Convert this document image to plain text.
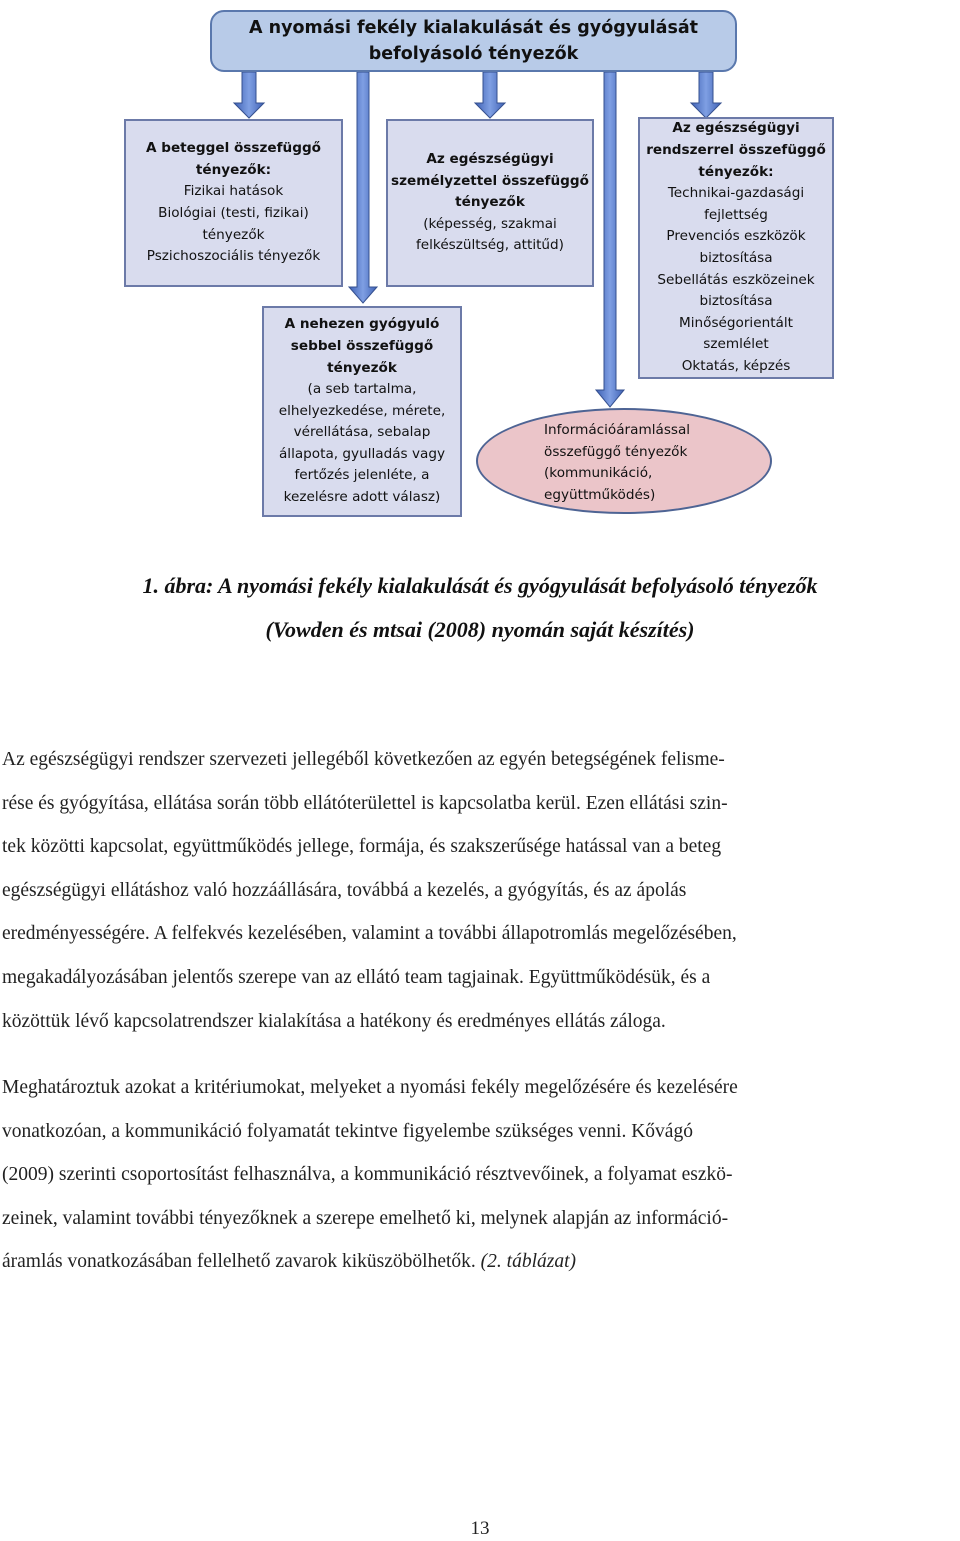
A nyomási fekély kialakulását és gyógyulását
befolyásoló tényezők
A beteggel összefüggő
tényezők:
Fizikai hatások
Biológiai (testi, fizikai)
tényezők
Pszichoszociális tényezők
Az egészségügyi
személyzettel összefüggő
tényezők
(képesség, szakmai
felkészültség, attitűd)
Az egészségügyi
rendszerrel összefüggő
tényezők:
Technikai-gazdasági
fejlettség
Prevenciós eszközök
biztosítása
Sebellátás eszközeinek
biztosítása
Minőségorientált
szemlélet
Oktatás, képzés
A nehezen gyógyuló
sebbel összefüggő
tényezők
(a seb tartalma,
elhelyezkedése, mérete,
vérellátása, sebalap
állapota, gyulladás vagy
fertőzés jelenléte, a
kezelésre adott válasz)
Információáramlással
összefüggő tényezők
(kommunikáció,
együttműködés)
1. ábra: A nyomási fekély kialakulását és gyógyulását befolyásoló tényezők
(Vowden és mtsai (2008) nyomán saját készítés)
Az egészségügyi rendszer szervezeti jellegéből következően az egyén betegségének felisme-
rése és gyógyítása, ellátása során több ellátóterülettel is kapcsolatba kerül. Ezen ellátási szin-
tek közötti kapcsolat, együttműködés jellege, formája, és szakszerűsége hatással van a beteg
egészségügyi ellátáshoz való hozzáállására, továbbá a kezelés, a gyógyítás, és az ápolás
eredményességére. A felfekvés kezelésében, valamint a további állapotromlás megelőzésében,
megakadályozásában jelentős szerepe van az ellátó team tagjainak. Együttműködésük, és a
közöttük lévő kapcsolatrendszer kialakítása a hatékony és eredményes ellátás záloga.
Meghatároztuk azokat a kritériumokat, melyeket a nyomási fekély megelőzésére és kezelésére
vonatkozóan, a kommunikáció folyamatát tekintve figyelembe szükséges venni. Kővágó
(2009) szerinti csoportosítást felhasználva, a kommunikáció résztvevőinek, a folyamat eszkö-
zeinek, valamint további tényezőknek a szerepe emelhető ki, melynek alapján az információ-
áramlás vonatkozásában fellelhető zavarok kiküszöbölhetők. (2. táblázat)
13
